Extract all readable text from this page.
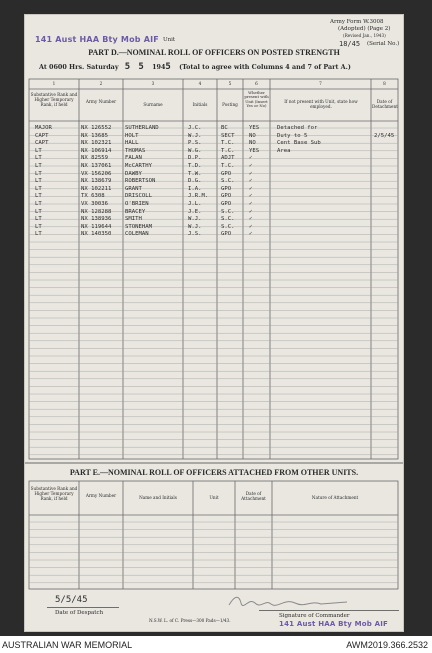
141 Aust HAA Bty Mob AIF Unit
Army Form W.3008
(Adopted) (Page 2)
(Revised Jan., 1943)
18/45 (Serial No.)
PART D.—NOMINAL ROLL OF OFFICERS ON POSTED STRENGTH
At 0600 Hrs. Saturday 5 5 1945 (Total to agree with Columns 4 and 7 of Part A.)
1	2	3	4	5	6	7	8
Substantive Rank and Higher Temporary Rank, if held
Army Number
Surname	Initials	Posting
Whether present with Unit (Insert Yes or No)
If not present with Unit, state how employed.
Date of Detachment
MAJOR	NX 126552 SUTHERLAND	J.C.	BC	YES	Detached for
CAPT	NX 13685	HOLT	W.J.	SECT	NO	Duty to 5	2/5/45
CAPT	NX 102321 HALL	P.S.	T.C.	NO	Cent Base Sub
LT	NX 106914 THOMAS	W.G.	T.C.	YES	Area
LT	NX 82559	FALAN	D.P.	ADJT	✓
LT	NX 137061 McCARTHY	T.D.	T.C.	✓
LT	VX 156206 DAWBY	T.W.	GPO	✓
LT	NX 138679 ROBERTSON	D.G.	S.C.	✓
LT	NX 102211 GRANT	I.A.	GPO	✓
LT	TX 6308	DRISCOLL	J.R.M. GPO	✓
LT	VX 30036	O'BRIEN	J.L.	GPO	✓
LT	NX 128288 BRACEY	J.E.	S.C.	✓
LT	NX 138936 SMITH	W.J.	S.C.	✓
LT	NX 119644 STONEHAM	W.J.	S.C.	✓
LT	NX 140350 COLEMAN	J.S.	GPO	✓
PART E.—NOMINAL ROLL OF OFFICERS ATTACHED FROM OTHER UNITS.
Substantive Rank and Higher Temporary Rank, if held
Army Number	Name and Initials	Unit
Date of Attachment	Nature of Attachment
5/5/45
Date of Despatch
N.S.W. L. of C. Press—300 Pads—1/43.
Signature of Commander
141 Aust HAA Bty Mob AIF
AUSTRALIAN WAR MEMORIAL	AWM2019.366.2532
